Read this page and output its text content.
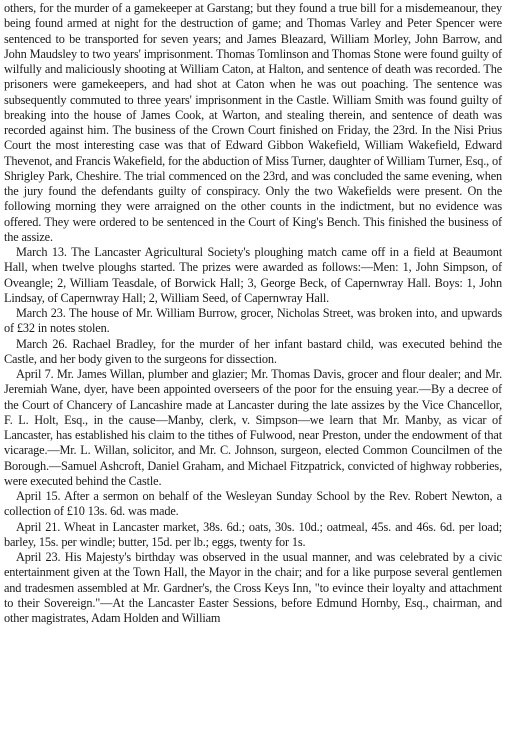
others, for the murder of a gamekeeper at Garstang; but they found a true bill for a misdemeanour, they being found armed at night for the destruction of game; and Thomas Varley and Peter Spencer were sentenced to be transported for seven years; and James Bleazard, William Morley, John Barrow, and John Maudsley to two years' imprisonment. Thomas Tomlinson and Thomas Stone were found guilty of wilfully and maliciously shooting at William Caton, at Halton, and sentence of death was recorded. The prisoners were gamekeepers, and had shot at Caton when he was out poaching. The sentence was subsequently commuted to three years' imprisonment in the Castle. William Smith was found guilty of breaking into the house of James Cook, at Warton, and stealing therein, and sentence of death was recorded against him. The business of the Crown Court finished on Friday, the 23rd. In the Nisi Prius Court the most interesting case was that of Edward Gibbon Wakefield, William Wakefield, Edward Thevenot, and Francis Wakefield, for the abduction of Miss Turner, daughter of William Turner, Esq., of Shrigley Park, Cheshire. The trial commenced on the 23rd, and was concluded the same evening, when the jury found the defendants guilty of conspiracy. Only the two Wakefields were present. On the following morning they were arraigned on the other counts in the indictment, but no evidence was offered. They were ordered to be sentenced in the Court of King's Bench. This finished the business of the assize.

March 13. The Lancaster Agricultural Society's ploughing match came off in a field at Beaumont Hall, when twelve ploughs started. The prizes were awarded as follows:—Men: 1, John Simpson, of Oveangle; 2, William Teasdale, of Borwick Hall; 3, George Beck, of Capernwray Hall. Boys: 1, John Lindsay, of Capernwray Hall; 2, William Seed, of Capernwray Hall.

March 23. The house of Mr. William Burrow, grocer, Nicholas Street, was broken into, and upwards of £32 in notes stolen.

March 26. Rachael Bradley, for the murder of her infant bastard child, was executed behind the Castle, and her body given to the surgeons for dissection.

April 7. Mr. James Willan, plumber and glazier; Mr. Thomas Davis, grocer and flour dealer; and Mr. Jeremiah Wane, dyer, have been appointed overseers of the poor for the ensuing year.—By a decree of the Court of Chancery of Lancashire made at Lancaster during the late assizes by the Vice Chancellor, F. L. Holt, Esq., in the cause—Manby, clerk, v. Simpson—we learn that Mr. Manby, as vicar of Lancaster, has established his claim to the tithes of Fulwood, near Preston, under the endowment of that vicarage.—Mr. L. Willan, solicitor, and Mr. C. Johnson, surgeon, elected Common Councilmen of the Borough.—Samuel Ashcroft, Daniel Graham, and Michael Fitzpatrick, convicted of highway robberies, were executed behind the Castle.

April 15. After a sermon on behalf of the Wesleyan Sunday School by the Rev. Robert Newton, a collection of £10 13s. 6d. was made.

April 21. Wheat in Lancaster market, 38s. 6d.; oats, 30s. 10d.; oatmeal, 45s. and 46s. 6d. per load; barley, 15s. per windle; butter, 15d. per lb.; eggs, twenty for 1s.

April 23. His Majesty's birthday was observed in the usual manner, and was celebrated by a civic entertainment given at the Town Hall, the Mayor in the chair; and for a like purpose several gentlemen and tradesmen assembled at Mr. Gardner's, the Cross Keys Inn, "to evince their loyalty and attachment to their Sovereign."—At the Lancaster Easter Sessions, before Edmund Hornby, Esq., chairman, and other magistrates, Adam Holden and William
